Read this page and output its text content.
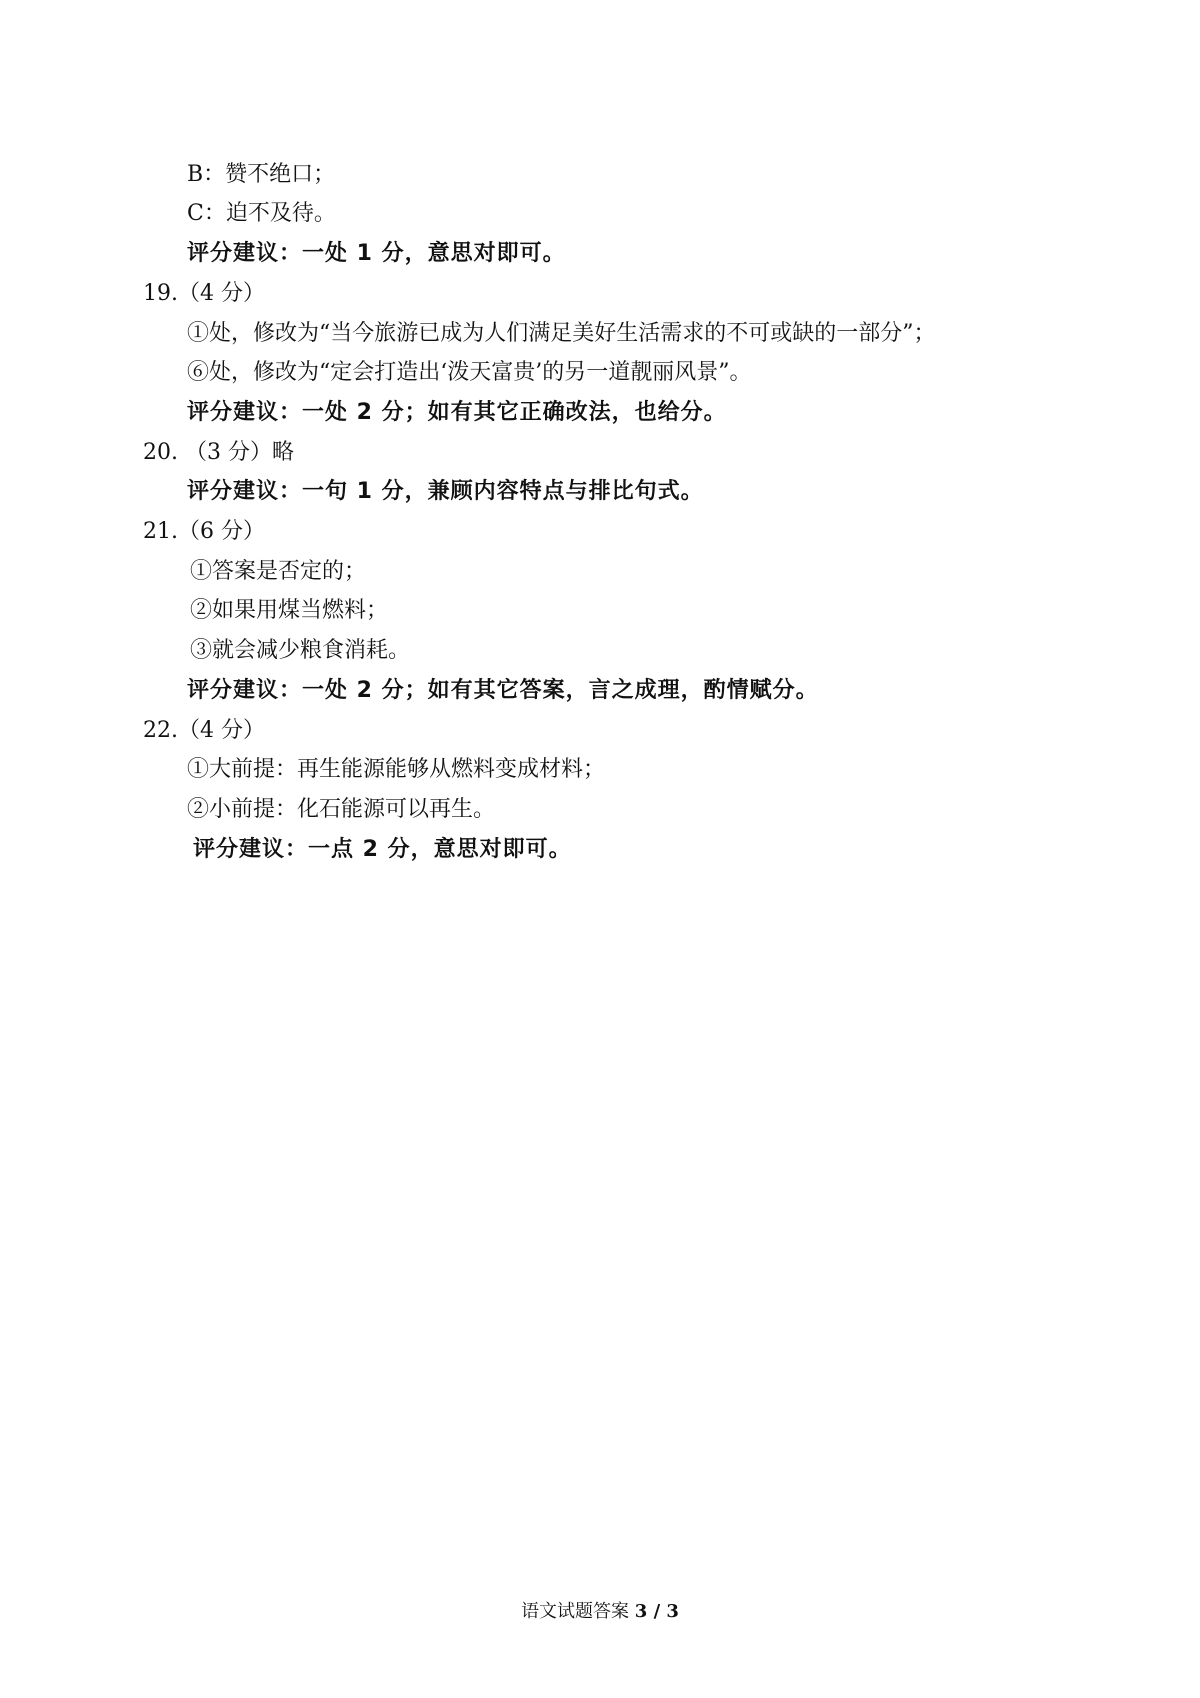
B：赞不绝口；
C：迫不及待。
评分建议：一处 1 分，意思对即可。
19.（4 分）
①处，修改为“当今旅游已成为人们满足美好生活需求的不可或缺的一部分”；
⑥处，修改为“定会打造出‘泼天富贵’的另一道靓丽风景”。
评分建议：一处 2 分；如有其它正确改法，也给分。
20. （3 分）略
评分建议：一句 1 分，兼顾内容特点与排比句式。
21.（6 分）
①答案是否定的；
②如果用煤当燃料；
③就会减少粮食消耗。
评分建议：一处 2 分；如有其它答案，言之成理，酌情赋分。
22.（4 分）
①大前提：再生能源能够从燃料变成材料；
②小前提：化石能源可以再生。
评分建议：一点 2 分，意思对即可。
语文试题答案 3 / 3
